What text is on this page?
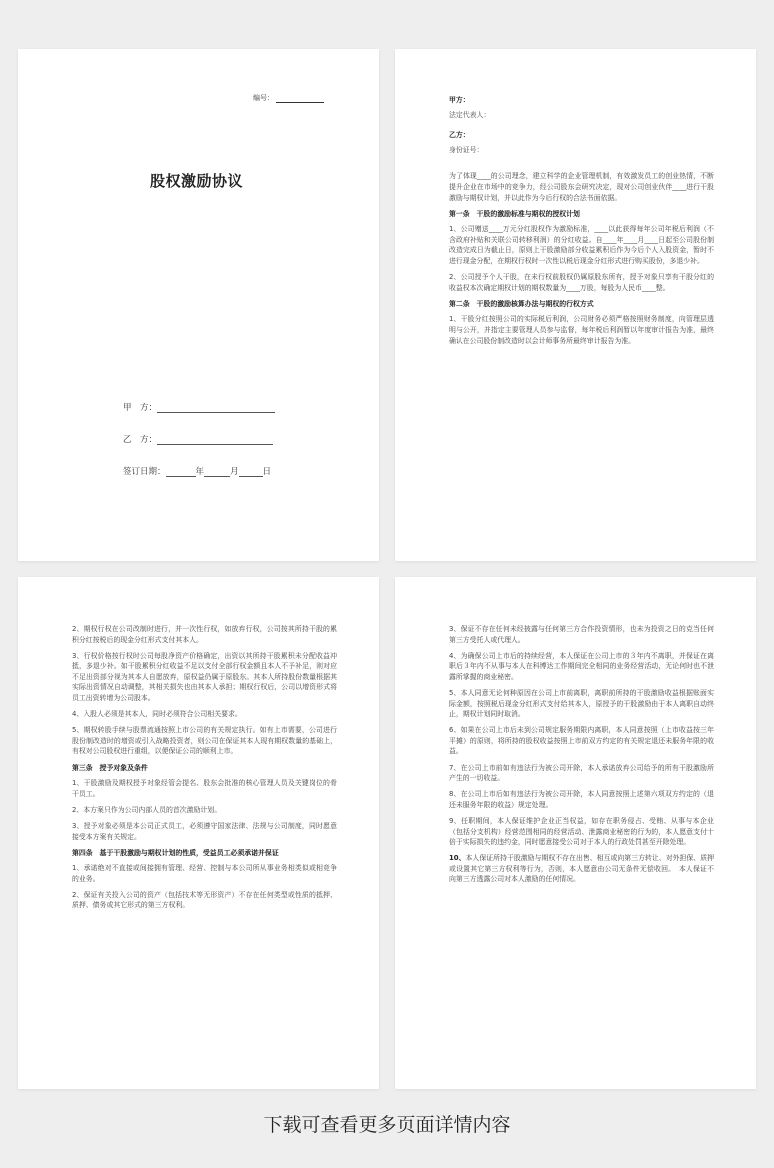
编号：
股权激励协议
甲　方：
乙　方：
签订日期：	年	月	日

甲方：

法定代表人：

乙方：

身份证号：

为了体现____的公司理念，建立科学的企业管理机制，有效激发员工的创业热情，不断提升企业在市场中的竞争力，经公司股东会研究决定，现对公司创业伙伴____进行干股激励与期权计划，并以此作为今后行权的合法书面依据。

第一条　干股的激励标准与期权的授权计划

1、公司赠送____万元分红股权作为激励标准，____以此获得每年公司年税后利润（不含政府补贴和关联公司转移利润）的分红收益。自____年____月____日起至公司股份制改造完成日为截止日，原则上干股激励部分收益累积后作为今后个人入股资金，暂时不进行现金分配，在期权行权时一次性以税后现金分红形式进行购买股份，多退少补。

2、公司授予个人干股，在未行权前股权仍属原股东所有，授予对象只享有干股分红的收益权本次确定期权计划的期权数量为____万股，每股为人民币____整。

第二条　干股的激励核算办法与期权的行权方式

1、干股分红按照公司的实际税后利润，公司财务必须严格按照财务制度，向管理层透明与公开，并指定主要管理人员参与监督，每年税后利润暂以年度审计报告为准，最终确认在公司股份制改造时以会计师事务所最终审计报告为准。

2、期权行权在公司改制时进行，并一次性行权，如放弃行权，公司按其所持干股的累积分红按税后的现金分红形式支付其本人。

3、行权价格按行权时公司每股净资产价格确定，出资以其所持干股累积未分配收益冲抵，多退少补。如干股累积分红收益不足以支付全部行权金额且本人不予补足，则对应不足出资部分视为其本人自愿放弃，原权益仍属于原股东。其本人所持股份数量根据其实际出资情况自动调整，其相关损失也由其本人承担；期权行权后，公司以增资形式将员工出资转增为公司股本。

4、入股人必须是其本人，同时必须符合公司相关要求。

5、期权转股手续与股票流通按照上市公司的有关规定执行。如有上市需要，公司进行股份制改造时的增资或引入战略投资者，则公司在保证其本人现有期权数量的基础上，有权对公司股权进行重组，以便保证公司的顺利上市。

第三条　授予对象及条件

1、干股激励及期权授予对象经管会提名、股东会批准的核心管理人员及关键岗位的骨干员工。

2、本方案只作为公司内部人员的首次激励计划。

3、授予对象必须是本公司正式员工，必须遵守国家法律、法规与公司制度，同时愿意接受本方案有关规定。

第四条　基于干股激励与期权计划的性质，受益员工必须承诺并保证

1、承诺绝对不直接或间接拥有管理、经营、控制与本公司所从事业务相类似或相竞争的业务。

2、保证有关投入公司的资产（包括技术等无形资产）不存在任何类型或性质的抵押、质押、债务或其它形式的第三方权利。

3、保证不存在任何未经披露与任何第三方合作投资情形，也未为投资之日的克当任何第三方受托人或代理人。

4、为确保公司上市后的持续经营，本人保证在公司上市的３年内不离职，并保证在离职后３年内不从事与本人在科博达工作期间完全相同的业务经营活动，无论何时也不泄露所掌握的商业秘密。

5、本人同意无论何种原因在公司上市前离职，离职前所持的干股激励收益根据账面实际金额，按照税后现金分红形式支付给其本人，原授予的干股激励由于本人离职自动终止，期权计划同时取消。

6、如果在公司上市后未到公司规定服务期限内离职，本人同意按照（上市收益按三年平摊）的原则，将所持的股权收益按照上市前双方约定的有关规定退还未服务年限的收益。

7、在公司上市前如有违法行为被公司开除，本人承诺放弃公司给予的所有干股激励所产生的一切收益。

8、在公司上市后如有违法行为被公司开除，本人同意按照上述第六项双方约定的（退还未服务年限的收益）规定处理。

9、任职期间，本人保证维护企业正当权益，如存在职务侵占、受贿、从事与本企业（包括分支机构）经营范围相同的经营活动、泄露商业秘密的行为的，本人愿意支付十倍于实际损失的违约金，同时愿意接受公司对于本人的行政处罚甚至开除处理。

10、本人保证所持干股激励与期权不存在出售、相互或向第三方转让、对外担保、质押或设置其它第三方权利等行为，否则，本人愿意由公司无条件无偿收回。　本人保证不向第三方透露公司对本人激励的任何情况。

下载可查看更多页面详情内容
